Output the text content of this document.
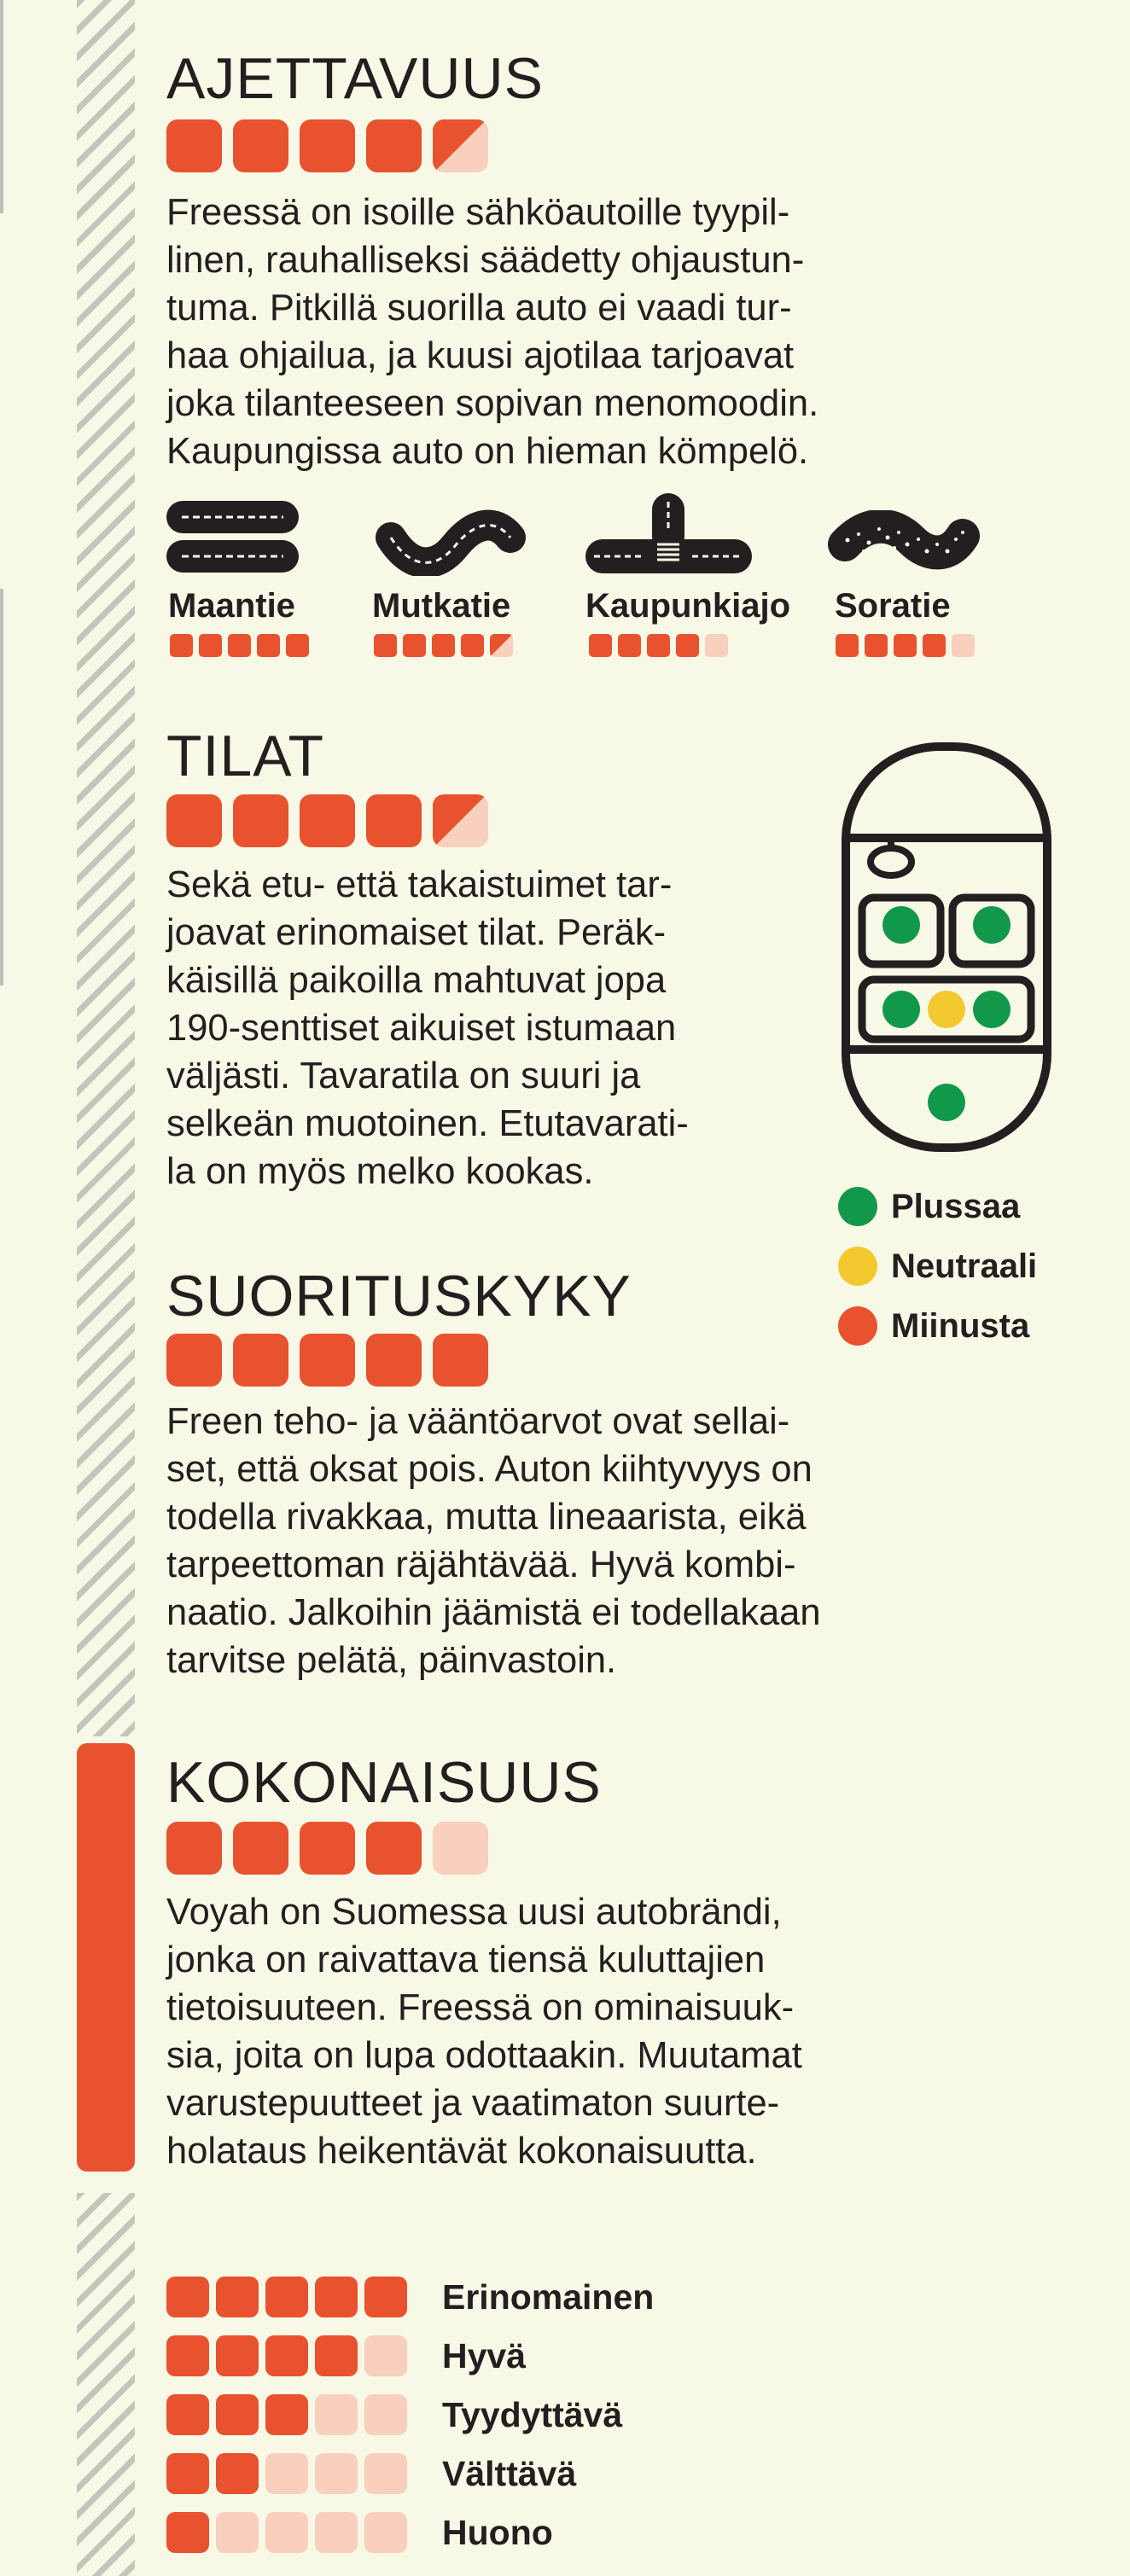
AJETTAVUUS

Freessä on isoille sähköautoille tyypil-
linen, rauhalliseksi säädetty ohjaustun-
tuma. Pitkillä suorilla auto ei vaadi tur-
haa ohjailua, ja kuusi ajotilaa tarjoavat
joka tilanteeseen sopivan menomoodin.
Kaupungissa auto on hieman kömpelö.

Maantie Mutkatie Kaupunkiajo Soratie
TILAT

Sekä etu- että takaistuimet tar-
joavat erinomaiset tilat. Peräk-
käisillä paikoilla mahtuvat jopa
190-senttiset aikuiset istumaan
väljästi. Tavaratila on suuri ja
selkeän muotoinen. Etutavarati-
la on myös melko kookas.

Plussaa
Neutraali
Miinusta
SUORITUSKYKY

Freen teho- ja vääntöarvot ovat sellai-
set, että oksat pois. Auton kiihtyvyys on
todella rivakkaa, mutta lineaarista, eikä
tarpeettoman räjähtävää. Hyvä kombi-
naatio. Jalkoihin jäämistä ei todellakaan
tarvitse pelätä, päinvastoin.

KOKONAISUUS

Voyah on Suomessa uusi autobrändi,
jonka on raivattava tiensä kuluttajien
tietoisuuteen. Freessä on ominaisuuk-
sia, joita on lupa odottaakin. Muutamat
varustepuutteet ja vaatimaton suurte-
holataus heikentävät kokonaisuutta.

Erinomainen
Hyvä
Tyydyttävä
Välttävä
Huono
